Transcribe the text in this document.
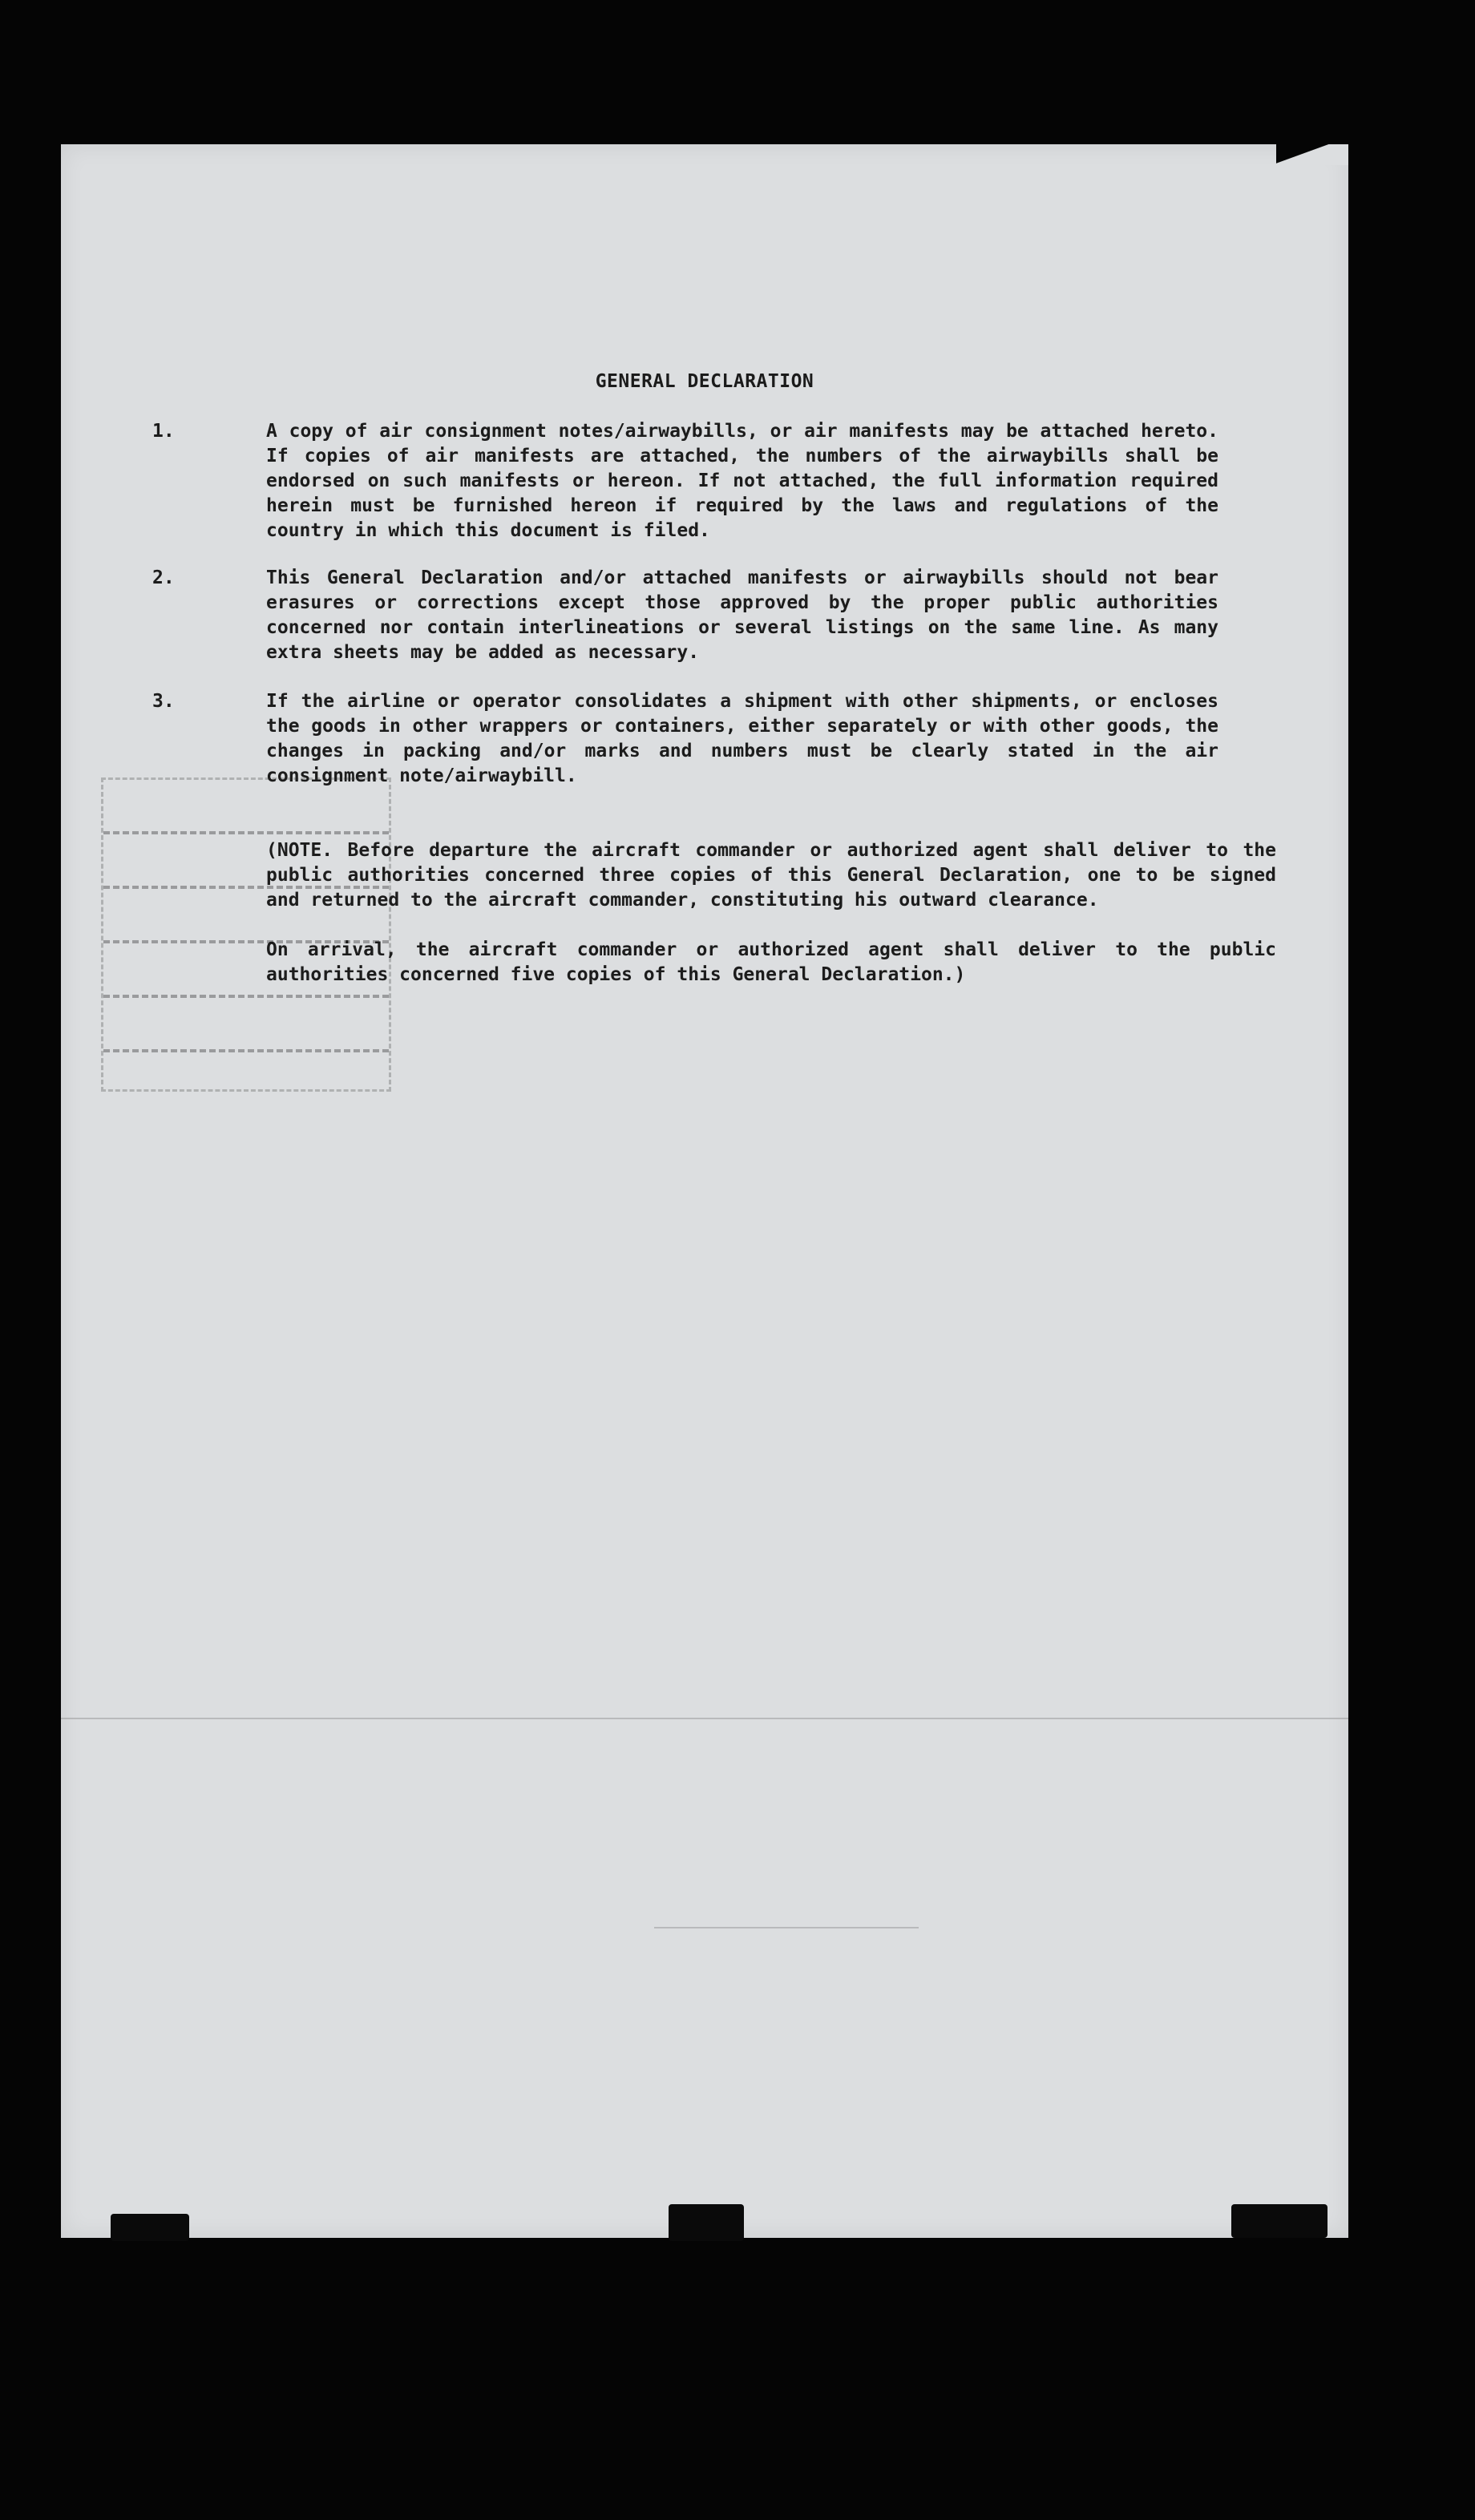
GENERAL DECLARATION
1.	A copy of air consignment notes/airwaybills, or air manifests may be attached hereto. If copies of air manifests are attached, the numbers of the airwaybills shall be endorsed on such manifests or hereon. If not attached, the full information required herein must be furnished hereon if required by the laws and regulations of the country in which this document is filed.
2.	This General Declaration and/or attached manifests or airwaybills should not bear erasures or corrections except those approved by the proper public authorities concerned nor contain interlineations or several listings on the same line. As many extra sheets may be added as necessary.
3.	If the airline or operator consolidates a shipment with other shipments, or encloses the goods in other wrappers or containers, either separately or with other goods, the changes in packing and/or marks and numbers must be clearly stated in the air consignment note/airwaybill.
(NOTE. Before departure the aircraft commander or authorized agent shall deliver to the public authorities concerned three copies of this General Declaration, one to be signed and returned to the aircraft commander, constituting his outward clearance.
On arrival, the aircraft commander or authorized agent shall deliver to the public authorities concerned five copies of this General Declaration.)
